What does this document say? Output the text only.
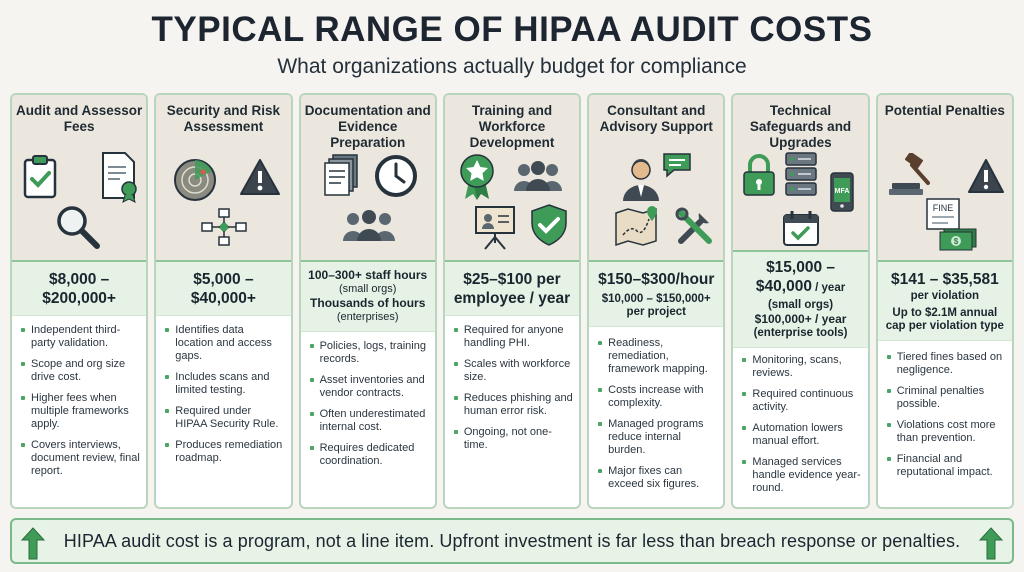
TYPICAL RANGE OF HIPAA AUDIT COSTS
What organizations actually budget for compliance
Audit and Assessor Fees
$8,000 – $200,000+
Independent third-party validation.
Scope and org size drive cost.
Higher fees when multiple frameworks apply.
Covers interviews, document review, final report.
Security and Risk Assessment
$5,000 – $40,000+
Identifies data location and access gaps.
Includes scans and limited testing.
Required under HIPAA Security Rule.
Produces remediation roadmap.
Documentation and Evidence Preparation
100–300+ staff hours
(small orgs)
Thousands of hours
(enterprises)
Policies, logs, training records.
Asset inventories and vendor contracts.
Often underestimated internal cost.
Requires dedicated coordination.
Training and Workforce Development
$25–$100 per employee / year
Required for anyone handling PHI.
Scales with workforce size.
Reduces phishing and human error risk.
Ongoing, not one-time.
Consultant and Advisory Support
$150–$300/hour
$10,000 – $150,000+ per project
Readiness, remediation, framework mapping.
Costs increase with complexity.
Managed programs reduce internal burden.
Major fixes can exceed six figures.
Technical Safeguards and Upgrades
MFA
$15,000 –
$40,000 / year
(small orgs)
$100,000+ / year
(enterprise tools)
Monitoring, scans, reviews.
Required continuous activity.
Automation lowers manual effort.
Managed services handle evidence year-round.
Potential Penalties
FINE
$
$141 – $35,581
per violation
Up to $2.1M annual cap per violation type
Tiered fines based on negligence.
Criminal penalties possible.
Violations cost more than prevention.
Financial and reputational impact.
HIPAA audit cost is a program, not a line item. Upfront investment is far less than breach response or penalties.
